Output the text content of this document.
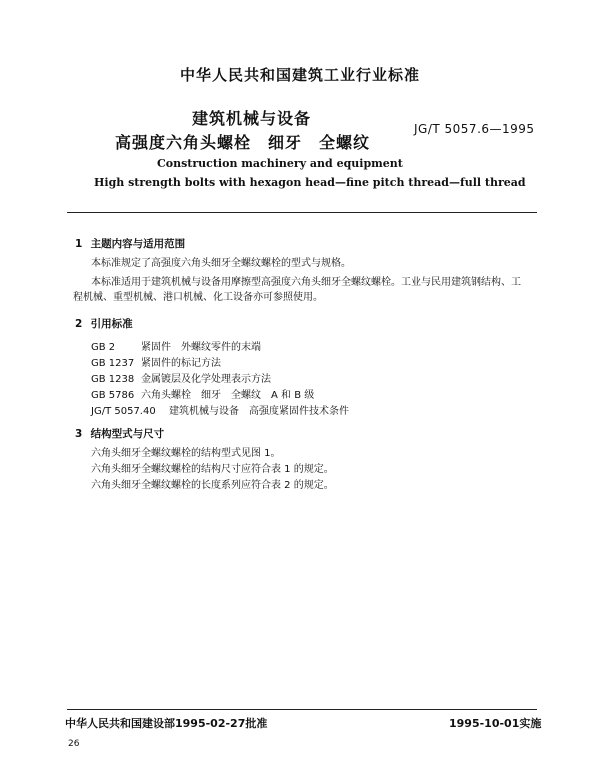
中华人民共和国建筑工业行业标准
建筑机械与设备
高强度六角头螺栓　细牙　全螺纹
JG/T 5057.6—1995
Construction machinery and equipment
High strength bolts with hexagon head—fine pitch thread—full thread
1 主题内容与适用范围
本标准规定了高强度六角头细牙全螺纹螺栓的型式与规格。
本标准适用于建筑机械与设备用摩擦型高强度六角头细牙全螺纹螺栓。工业与民用建筑钢结构、工
程机械、重型机械、港口机械、化工设备亦可参照使用。
2 引用标准
GB 2	紧固件　外螺纹零件的末端
GB 1237 紧固件的标记方法
GB 1238 金属镀层及化学处理表示方法
GB 5786 六角头螺栓　细牙　全螺纹　A 和 B 级
JG/T 5057.40 建筑机械与设备　高强度紧固件技术条件
3 结构型式与尺寸
六角头细牙全螺纹螺栓的结构型式见图 1。
六角头细牙全螺纹螺栓的结构尺寸应符合表 1 的规定。
六角头细牙全螺纹螺栓的长度系列应符合表 2 的规定。
中华人民共和国建设部1995-02-27批准	1995-10-01实施
26
